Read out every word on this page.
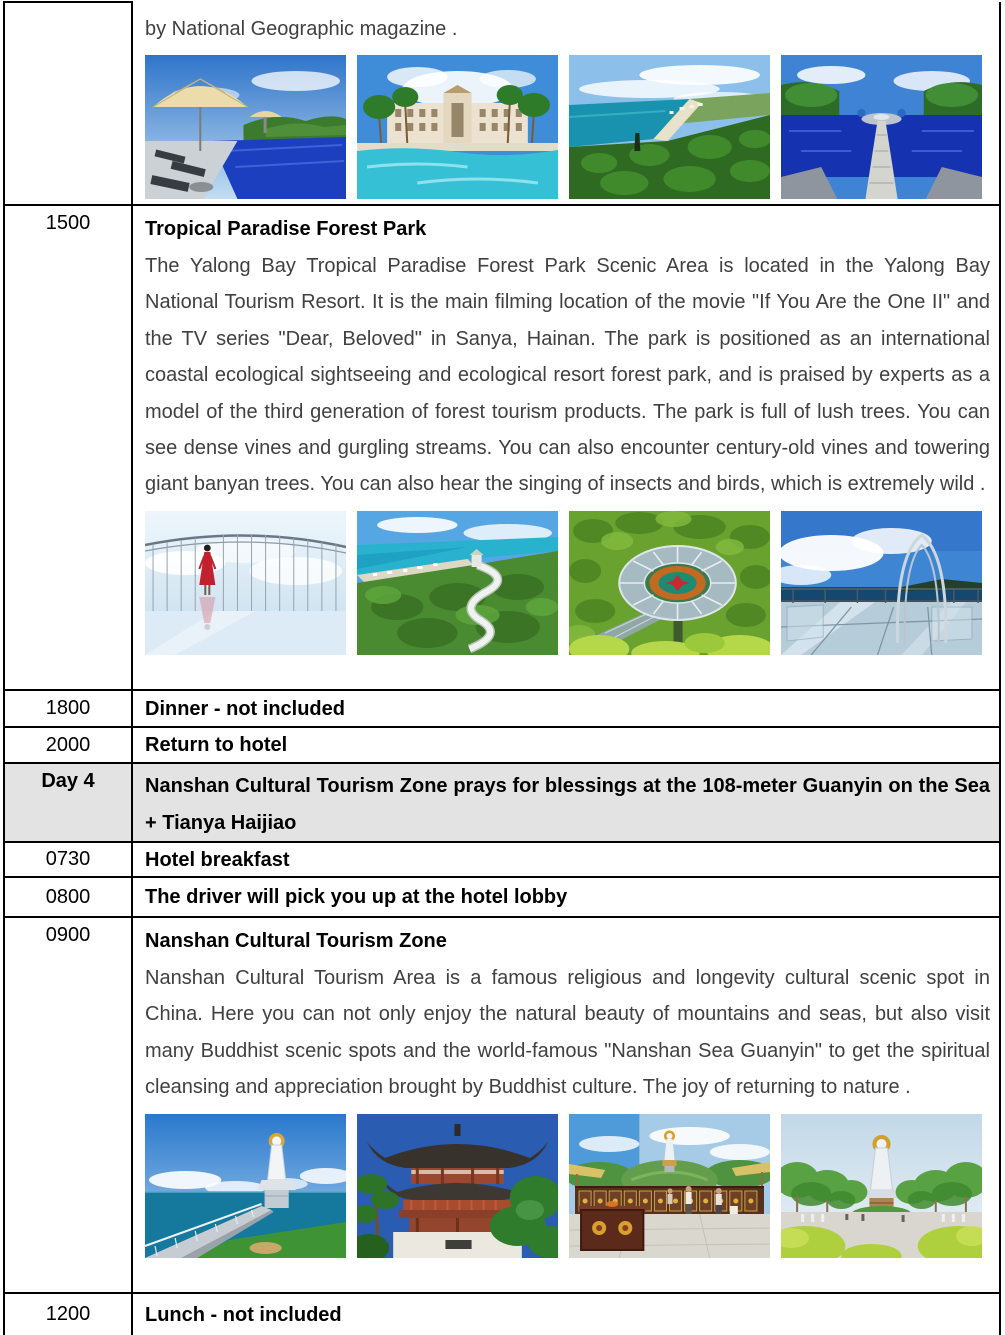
	by National Geographic magazine .

1500	Tropical Paradise Forest Park
The Yalong Bay Tropical Paradise Forest Park Scenic Area is located in the Yalong Bay National Tourism Resort. It is the main filming location of the movie "If You Are the One II" and the TV series "Dear, Beloved" in Sanya, Hainan. The park is positioned as an international coastal ecological sightseeing and ecological resort forest park, and is praised by experts as a model of the third generation of forest tourism products. The park is full of lush trees. You can see dense vines and gurgling streams. You can also encounter century-old vines and towering giant banyan trees. You can also hear the singing of insects and birds, which is extremely wild .

1800	Dinner - not included

2000	Return to hotel

Day 4	Nanshan Cultural Tourism Zone prays for blessings at the 108-meter Guanyin on the Sea + Tianya Haijiao

0730	Hotel breakfast

0800	The driver will pick you up at the hotel lobby

0900	Nanshan Cultural Tourism Zone
Nanshan Cultural Tourism Area is a famous religious and longevity cultural scenic spot in China. Here you can not only enjoy the natural beauty of mountains and seas, but also visit many Buddhist scenic spots and the world-famous "Nanshan Sea Guanyin" to get the spiritual cleansing and appreciation brought by Buddhist culture. The joy of returning to nature .

1200	Lunch - not included
